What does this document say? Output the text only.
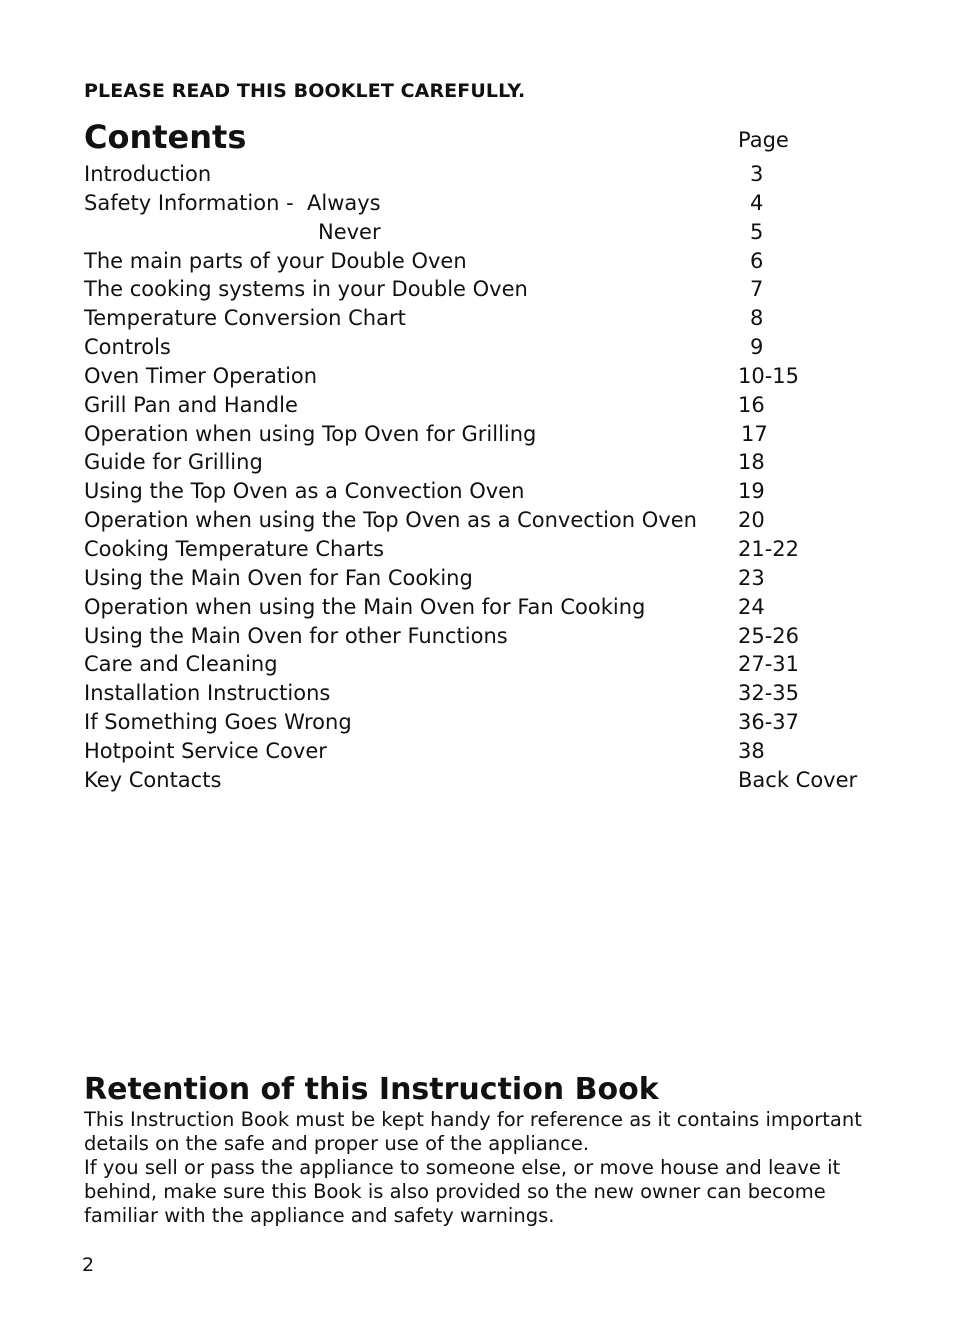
PLEASE READ THIS BOOKLET CAREFULLY.
Contents	Page
Introduction	3
Safety Information -  Always	4
Never	5
The main parts of your Double Oven	6
The cooking systems in your Double Oven	7
Temperature Conversion Chart	8
Controls	9
Oven Timer Operation	10-15
Grill Pan and Handle	16
Operation when using Top Oven for Grilling	17
Guide for Grilling	18
Using the Top Oven as a Convection Oven	19
Operation when using the Top Oven as a Convection Oven 20
Cooking Temperature Charts	21-22
Using the Main Oven for Fan Cooking	23
Operation when using the Main Oven for Fan Cooking	24
Using the Main Oven for other Functions	25-26
Care and Cleaning	27-31
Installation Instructions	32-35
If Something Goes Wrong	36-37
Hotpoint Service Cover	38
Key Contacts	Back Cover
Retention of this Instruction Book

This Instruction Book must be kept handy for reference as it contains important details on the safe and proper use of the appliance.

If you sell or pass the appliance to someone else, or move house and leave it behind, make sure this Book is also provided so the new owner can become familiar with the appliance and safety warnings.

2
